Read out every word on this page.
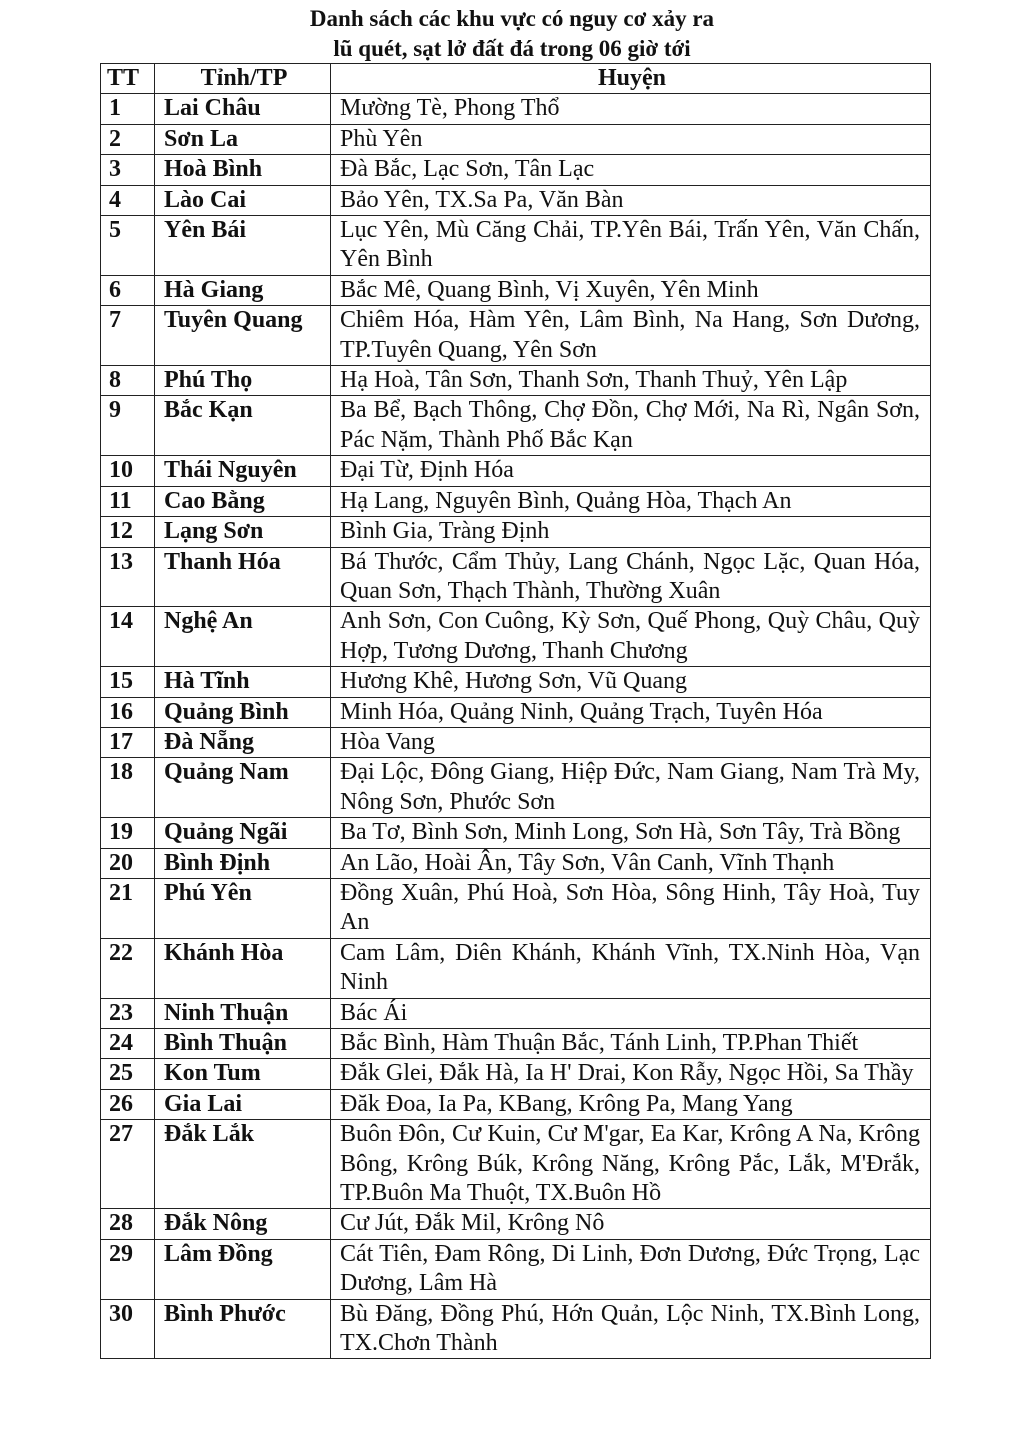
Danh sách các khu vực có nguy cơ xảy ra
lũ quét, sạt lở đất đá trong 06 giờ tới
TT	Tỉnh/TP	Huyện
1	Lai Châu	Mường Tè, Phong Thổ
2	Sơn La	Phù Yên
3	Hoà Bình	Đà Bắc, Lạc Sơn, Tân Lạc
4	Lào Cai	Bảo Yên, TX.Sa Pa, Văn Bàn
5	Yên Bái	Lục Yên, Mù Căng Chải, TP.Yên Bái, Trấn Yên, Văn Chấn, Yên Bình
6	Hà Giang	Bắc Mê, Quang Bình, Vị Xuyên, Yên Minh
7	Tuyên Quang	Chiêm Hóa, Hàm Yên, Lâm Bình, Na Hang, Sơn Dương, TP.Tuyên Quang, Yên Sơn
8	Phú Thọ	Hạ Hoà, Tân Sơn, Thanh Sơn, Thanh Thuỷ, Yên Lập
9	Bắc Kạn	Ba Bể, Bạch Thông, Chợ Đồn, Chợ Mới, Na Rì, Ngân Sơn, Pác Nặm, Thành Phố Bắc Kạn
10	Thái Nguyên	Đại Từ, Định Hóa
11	Cao Bằng	Hạ Lang, Nguyên Bình, Quảng Hòa, Thạch An
12	Lạng Sơn	Bình Gia, Tràng Định
13	Thanh Hóa	Bá Thước, Cẩm Thủy, Lang Chánh, Ngọc Lặc, Quan Hóa, Quan Sơn, Thạch Thành, Thường Xuân
14	Nghệ An	Anh Sơn, Con Cuông, Kỳ Sơn, Quế Phong, Quỳ Châu, Quỳ Hợp, Tương Dương, Thanh Chương
15	Hà Tĩnh	Hương Khê, Hương Sơn, Vũ Quang
16	Quảng Bình	Minh Hóa, Quảng Ninh, Quảng Trạch, Tuyên Hóa
17	Đà Nẵng	Hòa Vang
18	Quảng Nam	Đại Lộc, Đông Giang, Hiệp Đức, Nam Giang, Nam Trà My, Nông Sơn, Phước Sơn
19	Quảng Ngãi	Ba Tơ, Bình Sơn, Minh Long, Sơn Hà, Sơn Tây, Trà Bồng
20	Bình Định	An Lão, Hoài Ân, Tây Sơn, Vân Canh, Vĩnh Thạnh
21	Phú Yên	Đồng Xuân, Phú Hoà, Sơn Hòa, Sông Hinh, Tây Hoà, Tuy An
22	Khánh Hòa	Cam Lâm, Diên Khánh, Khánh Vĩnh, TX.Ninh Hòa, Vạn Ninh
23	Ninh Thuận	Bác Ái
24	Bình Thuận	Bắc Bình, Hàm Thuận Bắc, Tánh Linh, TP.Phan Thiết
25	Kon Tum	Đắk Glei, Đắk Hà, Ia H' Drai, Kon Rẫy, Ngọc Hồi, Sa Thầy
26	Gia Lai	Đăk Đoa, Ia Pa, KBang, Krông Pa, Mang Yang
27	Đắk Lắk	Buôn Đôn, Cư Kuin, Cư M'gar, Ea Kar, Krông A Na, Krông Bông, Krông Búk, Krông Năng, Krông Pắc, Lắk, M'Đrắk, TP.Buôn Ma Thuột, TX.Buôn Hồ
28	Đắk Nông	Cư Jút, Đắk Mil, Krông Nô
29	Lâm Đồng	Cát Tiên, Đam Rông, Di Linh, Đơn Dương, Đức Trọng, Lạc Dương, Lâm Hà
30	Bình Phước	Bù Đăng, Đồng Phú, Hớn Quản, Lộc Ninh, TX.Bình Long, TX.Chơn Thành
